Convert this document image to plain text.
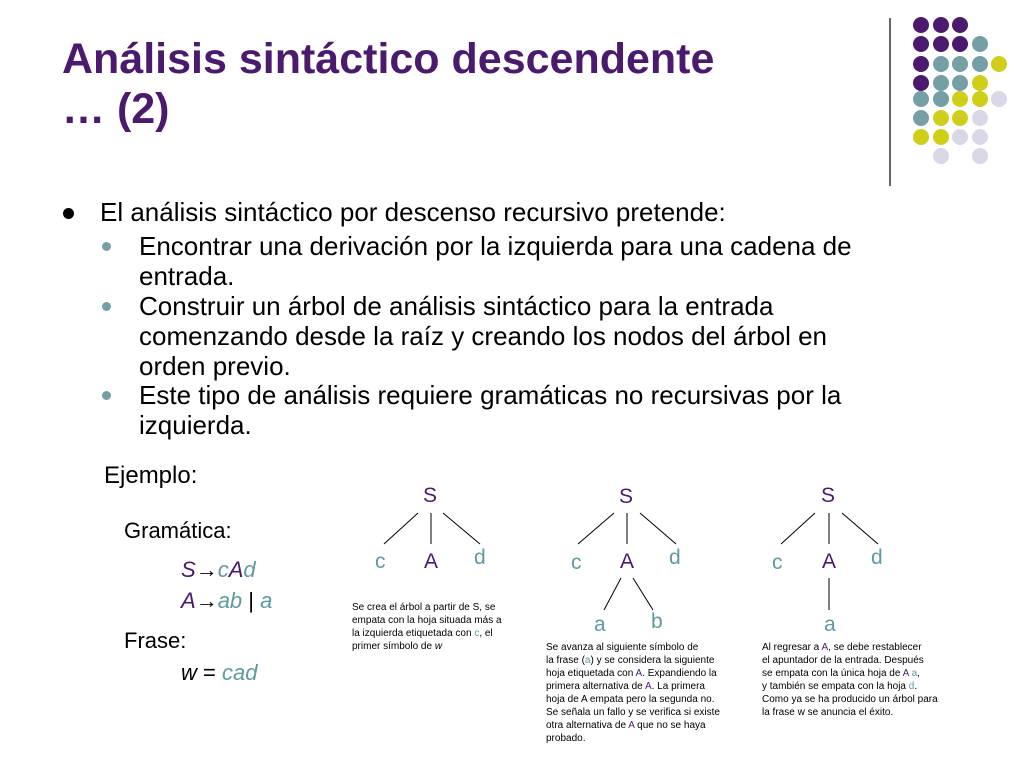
Análisis sintáctico descendente
… (2)
El análisis sintáctico por descenso recursivo pretende:
Encontrar una derivación por la izquierda para una cadena de
entrada.
Construir un árbol de análisis sintáctico para la entrada
comenzando desde la raíz y creando los nodos del árbol en
orden previo.
Este tipo de análisis requiere gramáticas no recursivas por la
izquierda.
Ejemplo:
Gramática:
S→cAd
A→ab | a
Frase:
w = cad
S
c A d
S
c A d
a b
S
c A d
a
Se crea el árbol a partir de S, se
empata con la hoja situada más a
la izquierda etiquetada con c, el
primer símbolo de w	Se avanza al siguiente símbolo de
la frase (a) y se considera la siguiente
hoja etiquetada con A. Expandiendo la
primera alternativa de A. La primera
hoja de A empata pero la segunda no.
Se señala un fallo y se verifica si existe
otra alternativa de A que no se haya
probado.
Al regresar a A, se debe restablecer
el apuntador de la entrada. Después
se empata con la única hoja de A a,
y también se empata con la hoja d.
Como ya se ha producido un árbol para
la frase w se anuncia el éxito.
